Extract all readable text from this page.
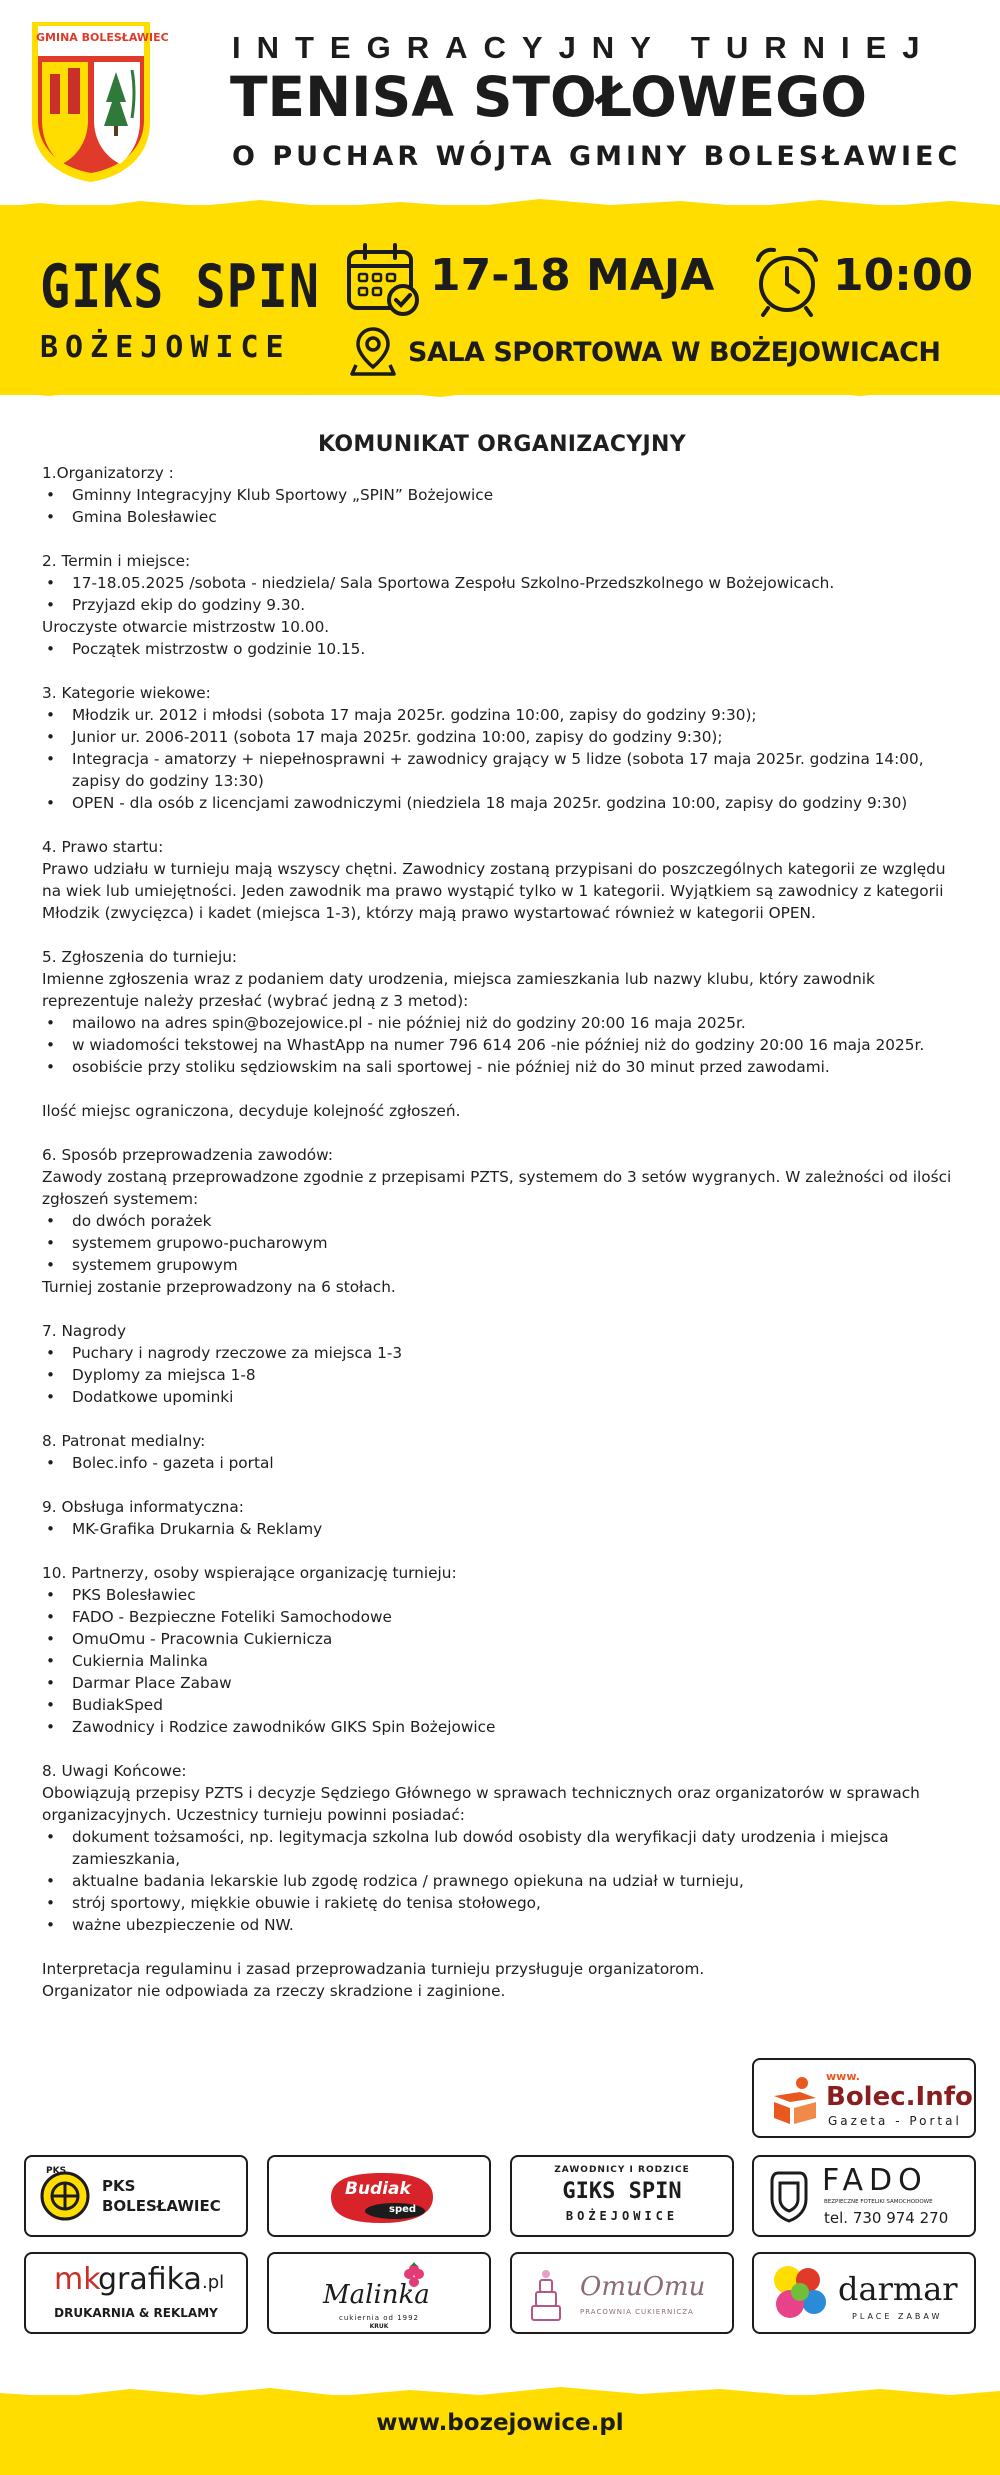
GMINA BOLESŁAWIEC INTEGRACYJNY TURNIEJ
TENISA STOŁOWEGO
O PUCHAR WÓJTA GMINY BOLESŁAWIEC
GIKS SPIN
BOŻEJOWICE
17-18 MAJA	10:00
SALA SPORTOWA W BOŻEJOWICACH
KOMUNIKAT ORGANIZACYJNY
1.Organizatorzy :
• Gminny Integracyjny Klub Sportowy „SPIN” Bożejowice
• Gmina Bolesławiec
2. Termin i miejsce:
• 17-18.05.2025 /sobota - niedziela/ Sala Sportowa Zespołu Szkolno-Przedszkolnego w Bożejowicach.
• Przyjazd ekip do godziny 9.30.
Uroczyste otwarcie mistrzostw 10.00.
• Początek mistrzostw o godzinie 10.15.
3. Kategorie wiekowe:
• Młodzik ur. 2012 i młodsi (sobota 17 maja 2025r. godzina 10:00, zapisy do godziny 9:30);
• Junior ur. 2006-2011 (sobota 17 maja 2025r. godzina 10:00, zapisy do godziny 9:30);
• Integracja - amatorzy + niepełnosprawni + zawodnicy grający w 5 lidze (sobota 17 maja 2025r. godzina 14:00, zapisy do godziny 13:30)
• OPEN - dla osób z licencjami zawodniczymi (niedziela 18 maja 2025r. godzina 10:00, zapisy do godziny 9:30)
4. Prawo startu:
Prawo udziału w turnieju mają wszyscy chętni. Zawodnicy zostaną przypisani do poszczególnych kategorii ze względu na wiek lub umiejętności. Jeden zawodnik ma prawo wystąpić tylko w 1 kategorii. Wyjątkiem są zawodnicy z kategorii Młodzik (zwycięzca) i kadet (miejsca 1-3), którzy mają prawo wystartować również w kategorii OPEN.
5. Zgłoszenia do turnieju:
Imienne zgłoszenia wraz z podaniem daty urodzenia, miejsca zamieszkania lub nazwy klubu, który zawodnik reprezentuje należy przesłać (wybrać jedną z 3 metod):
• mailowo na adres spin@bozejowice.pl - nie później niż do godziny 20:00 16 maja 2025r.
• w wiadomości tekstowej na WhastApp na numer 796 614 206 -nie później niż do godziny 20:00 16 maja 2025r.
• osobiście przy stoliku sędziowskim na sali sportowej - nie później niż do 30 minut przed zawodami.
Ilość miejsc ograniczona, decyduje kolejność zgłoszeń.
6. Sposób przeprowadzenia zawodów:
Zawody zostaną przeprowadzone zgodnie z przepisami PZTS, systemem do 3 setów wygranych. W zależności od ilości zgłoszeń systemem:
• do dwóch porażek
• systemem grupowo-pucharowym
• systemem grupowym
Turniej zostanie przeprowadzony na 6 stołach.
7. Nagrody
• Puchary i nagrody rzeczowe za miejsca 1-3
• Dyplomy za miejsca 1-8
• Dodatkowe upominki
8. Patronat medialny:
• Bolec.info - gazeta i portal
9. Obsługa informatyczna:
• MK-Grafika Drukarnia & Reklamy
10. Partnerzy, osoby wspierające organizację turnieju:
• PKS Bolesławiec
• FADO - Bezpieczne Foteliki Samochodowe
• OmuOmu - Pracownia Cukiernicza
• Cukiernia Malinka
• Darmar Place Zabaw
• BudiakSped
• Zawodnicy i Rodzice zawodników GIKS Spin Bożejowice
8. Uwagi Końcowe:
Obowiązują przepisy PZTS i decyzje Sędziego Głównego w sprawach technicznych oraz organizatorów w sprawach organizacyjnych. Uczestnicy turnieju powinni posiadać:
• dokument tożsamości, np. legitymacja szkolna lub dowód osobisty dla weryfikacji daty urodzenia i miejsca zamieszkania,
• aktualne badania lekarskie lub zgodę rodzica / prawnego opiekuna na udział w turnieju,
• strój sportowy, miękkie obuwie i rakietę do tenisa stołowego,
• ważne ubezpieczenie od NW.
Interpretacja regulaminu i zasad przeprowadzania turnieju przysługuje organizatorom.
Organizator nie odpowiada za rzeczy skradzione i zaginione.
www.
Bolec.Info
Gazeta - Portal
PKS
PKS
BOLESŁAWIEC
Budiak
sped
ZAWODNICY I RODZICE
GIKS SPIN
BOŻEJOWICE
FADO
BEZPIECZNE FOTELIKI SAMOCHODOWE
tel. 730 974 270
mk
grafika .pl
DRUKARNIA & REKLAMY
Malinka
cukiernia od 1992
KRUK
OmuOmu
PRACOWNIA CUKIERNICZA
darmar
PLACE ZABAW
www.bozejowice.pl
